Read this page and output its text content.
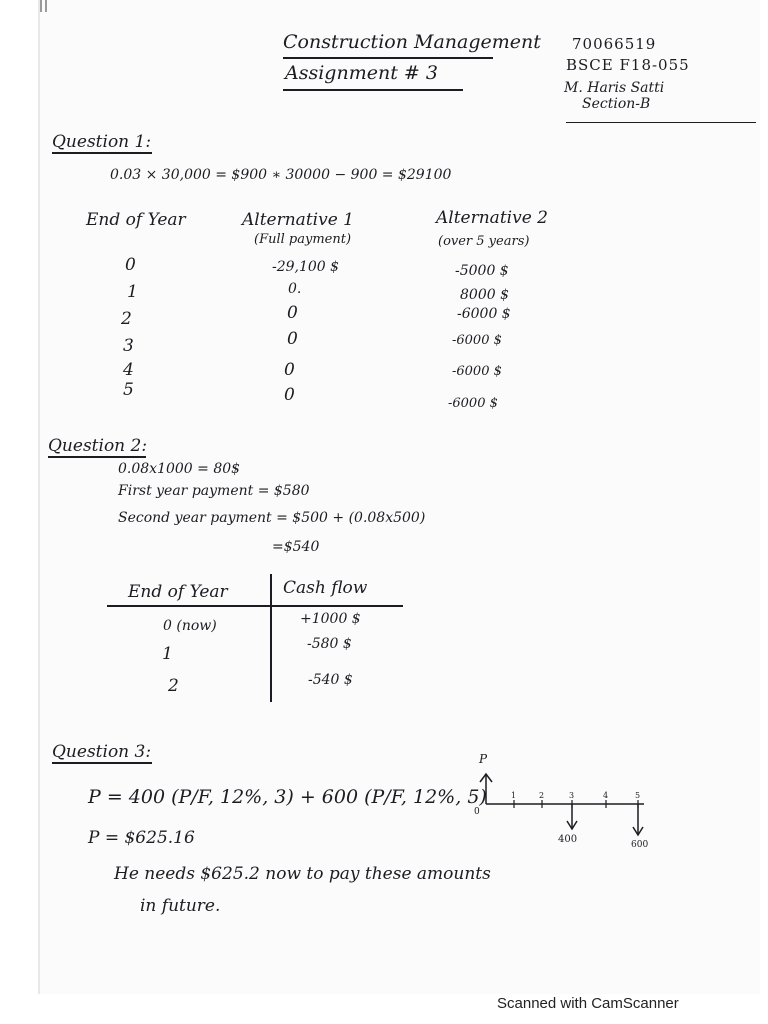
Construction Management
Assignment # 3
70066519
BSCE F18-055
M. Haris Satti
Section-B
Question 1:
0.03 × 30,000 = $900 ∗ 30000 − 900 = $29100
End of Year	Alternative 1
(Full payment)
Alternative 2
(over 5 years)
0	-29,100 $	-5000 $
1	0.	8000 $
2	0	-6000 $
3	0	-6000 $
4	0	-6000 $
5	0	-6000 $
Question 2:
0.08x1000 = 80$
First year payment = $580
Second year payment = $500 + (0.08x500)
=$540
End of Year	Cash flow
0 (now)	+1000 $
1	-580 $
2	-540 $
Question 3:
P = 400 (P/F, 12%, 3) + 600 (P/F, 12%, 5)
P = $625.16
He needs $625.2 now to pay these amounts
in future.
P
0
1	2	3	4	5
400	600
Scanned with CamScanner
